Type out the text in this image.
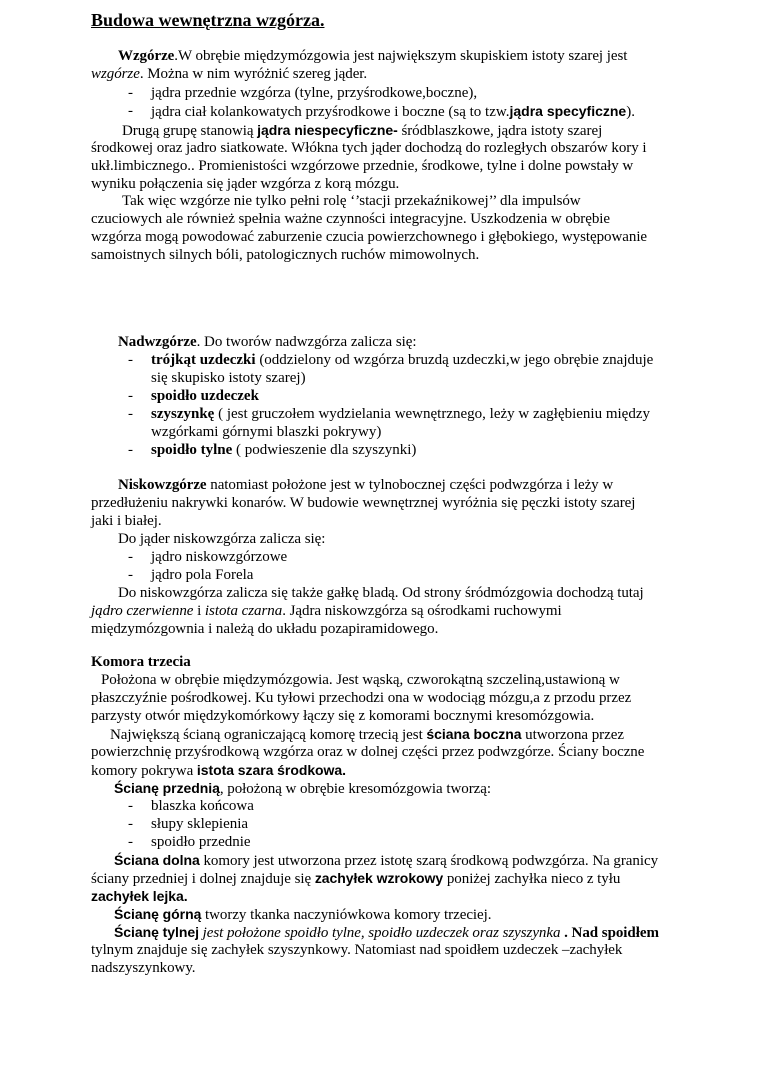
Budowa wewnętrzna wzgórza.
Wzgórze.W obrębie międzymózgowia jest największym skupiskiem istoty szarej jest
wzgórze. Można w nim wyróżnić szereg jąder.
- jądra przednie wzgórza (tylne, przyśrodkowe,boczne),
- jądra ciał kolankowatych przyśrodkowe i boczne (są to tzw.jądra specyficzne).
Drugą grupę stanowią jądra niespecyficzne- śródblaszkowe, jądra istoty szarej
środkowej oraz jadro siatkowate. Włókna tych jąder dochodzą do rozległych obszarów kory i
ukł.limbicznego.. Promienistości wzgórzowe przednie, środkowe, tylne i dolne powstały w
wyniku połączenia się jąder wzgórza z korą mózgu.
Tak więc wzgórze nie tylko pełni rolę ‘’stacji przekaźnikowej’’ dla impulsów
czuciowych ale również spełnia ważne czynności integracyjne. Uszkodzenia w obrębie
wzgórza mogą powodować zaburzenie czucia powierzchownego i głębokiego, występowanie
samoistnych silnych bóli, patologicznych ruchów mimowolnych.
Nadwzgórze. Do tworów nadwzgórza zalicza się:
- trójkąt uzdeczki (oddzielony od wzgórza bruzdą uzdeczki,w jego obrębie znajduje
się skupisko istoty szarej)
- spoidło uzdeczek
- szyszynkę ( jest gruczołem wydzielania wewnętrznego, leży w zagłębieniu między
wzgórkami górnymi blaszki pokrywy)
- spoidło tylne ( podwieszenie dla szyszynki)
Niskowzgórze natomiast położone jest w tylnobocznej części podwzgórza i leży w
przedłużeniu nakrywki konarów. W budowie wewnętrznej wyróżnia się pęczki istoty szarej
jaki i białej.
Do jąder niskowzgórza zalicza się:
- jądro niskowzgórzowe
- jądro pola Forela
Do niskowzgórza zalicza się także gałkę bladą. Od strony śródmózgowia dochodzą tutaj
jądro czerwienne i istota czarna. Jądra niskowzgórza są ośrodkami ruchowymi
międzymózgownia i należą do układu pozapiramidowego.
Komora trzecia
Położona w obrębie międzymózgowia. Jest wąską, czworokątną szczeliną,ustawioną w
płaszczyźnie pośrodkowej. Ku tyłowi przechodzi ona w wodociąg mózgu,a z przodu przez
parzysty otwór międzykomórkowy łączy się z komorami bocznymi kresomózgowia.
Największą ścianą ograniczającą komorę trzecią jest ściana boczna utworzona przez
powierzchnię przyśrodkową wzgórza oraz w dolnej części przez podwzgórze. Ściany boczne
komory pokrywa istota szara środkowa.
Ścianę przednią, położoną w obrębie kresomózgowia tworzą:
- blaszka końcowa
- słupy sklepienia
- spoidło przednie
Ściana dolna komory jest utworzona przez istotę szarą środkową podwzgórza. Na granicy
ściany przedniej i dolnej znajduje się zachyłek wzrokowy poniżej zachyłka nieco z tyłu
zachyłek lejka.
Ścianę górną tworzy tkanka naczyniówkowa komory trzeciej.
Ścianę tylnej jest położone spoidło tylne, spoidło uzdeczek oraz szyszynka . Nad spoidłem
tylnym znajduje się zachyłek szyszynkowy. Natomiast nad spoidłem uzdeczek –zachyłek
nadszyszynkowy.
